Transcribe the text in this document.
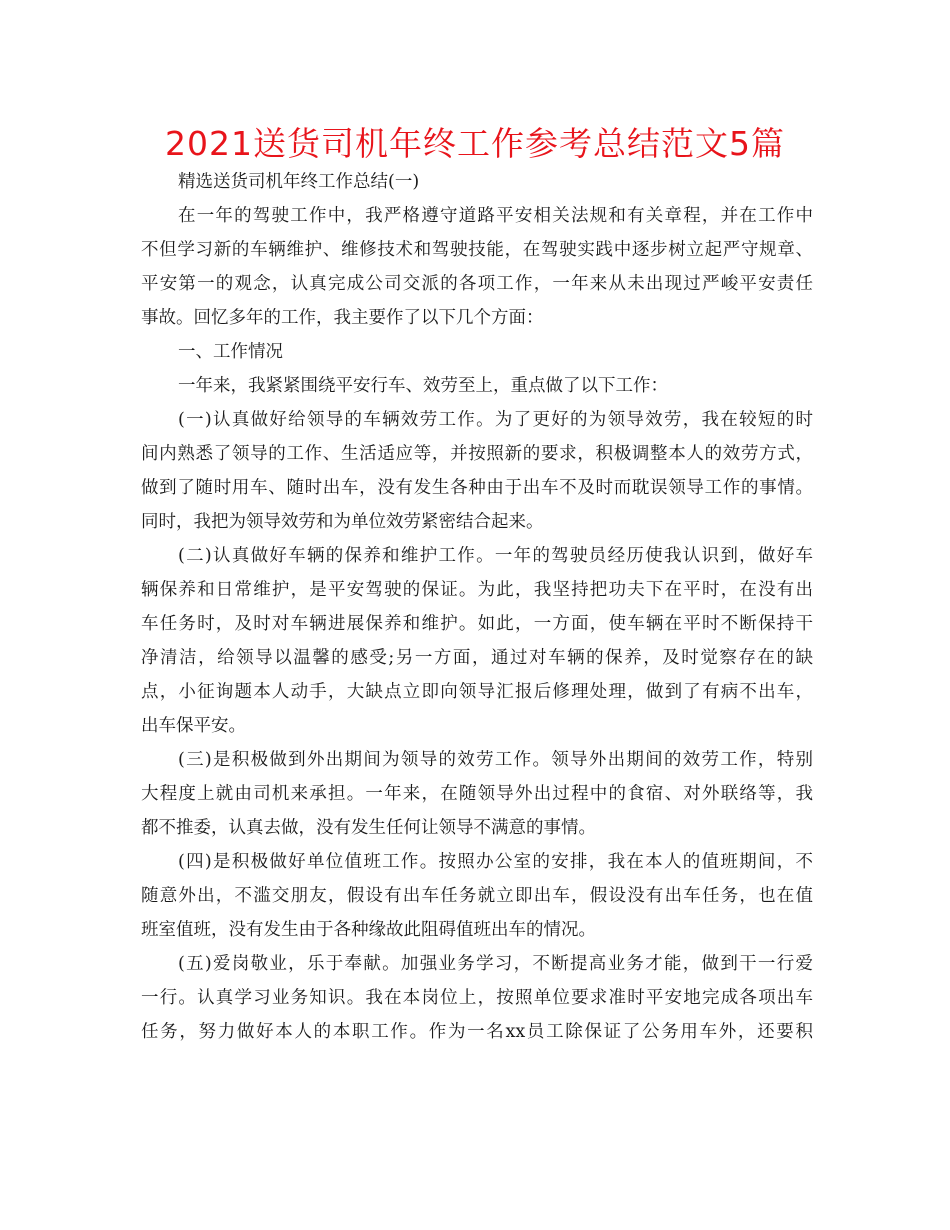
2021送货司机年终工作参考总结范文5篇
精选送货司机年终工作总结(一)
在一年的驾驶工作中，我严格遵守道路平安相关法规和有关章程，并在工作中
不但学习新的车辆维护、维修技术和驾驶技能，在驾驶实践中逐步树立起严守规章、
平安第一的观念，认真完成公司交派的各项工作，一年来从未出现过严峻平安责任
事故。回忆多年的工作，我主要作了以下几个方面：
一、工作情况
一年来，我紧紧围绕平安行车、效劳至上，重点做了以下工作：
(一)认真做好给领导的车辆效劳工作。为了更好的为领导效劳，我在较短的时
间内熟悉了领导的工作、生活适应等，并按照新的要求，积极调整本人的效劳方式，
做到了随时用车、随时出车，没有发生各种由于出车不及时而耽误领导工作的事情。
同时，我把为领导效劳和为单位效劳紧密结合起来。
(二)认真做好车辆的保养和维护工作。一年的驾驶员经历使我认识到，做好车
辆保养和日常维护，是平安驾驶的保证。为此，我坚持把功夫下在平时，在没有出
车任务时，及时对车辆进展保养和维护。如此，一方面，使车辆在平时不断保持干
净清洁，给领导以温馨的感受;另一方面，通过对车辆的保养，及时觉察存在的缺
点，小征询题本人动手，大缺点立即向领导汇报后修理处理，做到了有病不出车，
出车保平安。
(三)是积极做到外出期间为领导的效劳工作。领导外出期间的效劳工作，特别
大程度上就由司机来承担。一年来，在随领导外出过程中的食宿、对外联络等，我
都不推委，认真去做，没有发生任何让领导不满意的事情。
(四)是积极做好单位值班工作。按照办公室的安排，我在本人的值班期间，不
随意外出，不滥交朋友，假设有出车任务就立即出车，假设没有出车任务，也在值
班室值班，没有发生由于各种缘故此阻碍值班出车的情况。
(五)爱岗敬业，乐于奉献。加强业务学习，不断提高业务才能，做到干一行爱
一行。认真学习业务知识。我在本岗位上，按照单位要求准时平安地完成各项出车
任务，努力做好本人的本职工作。作为一名xx员工除保证了公务用车外，还要积
